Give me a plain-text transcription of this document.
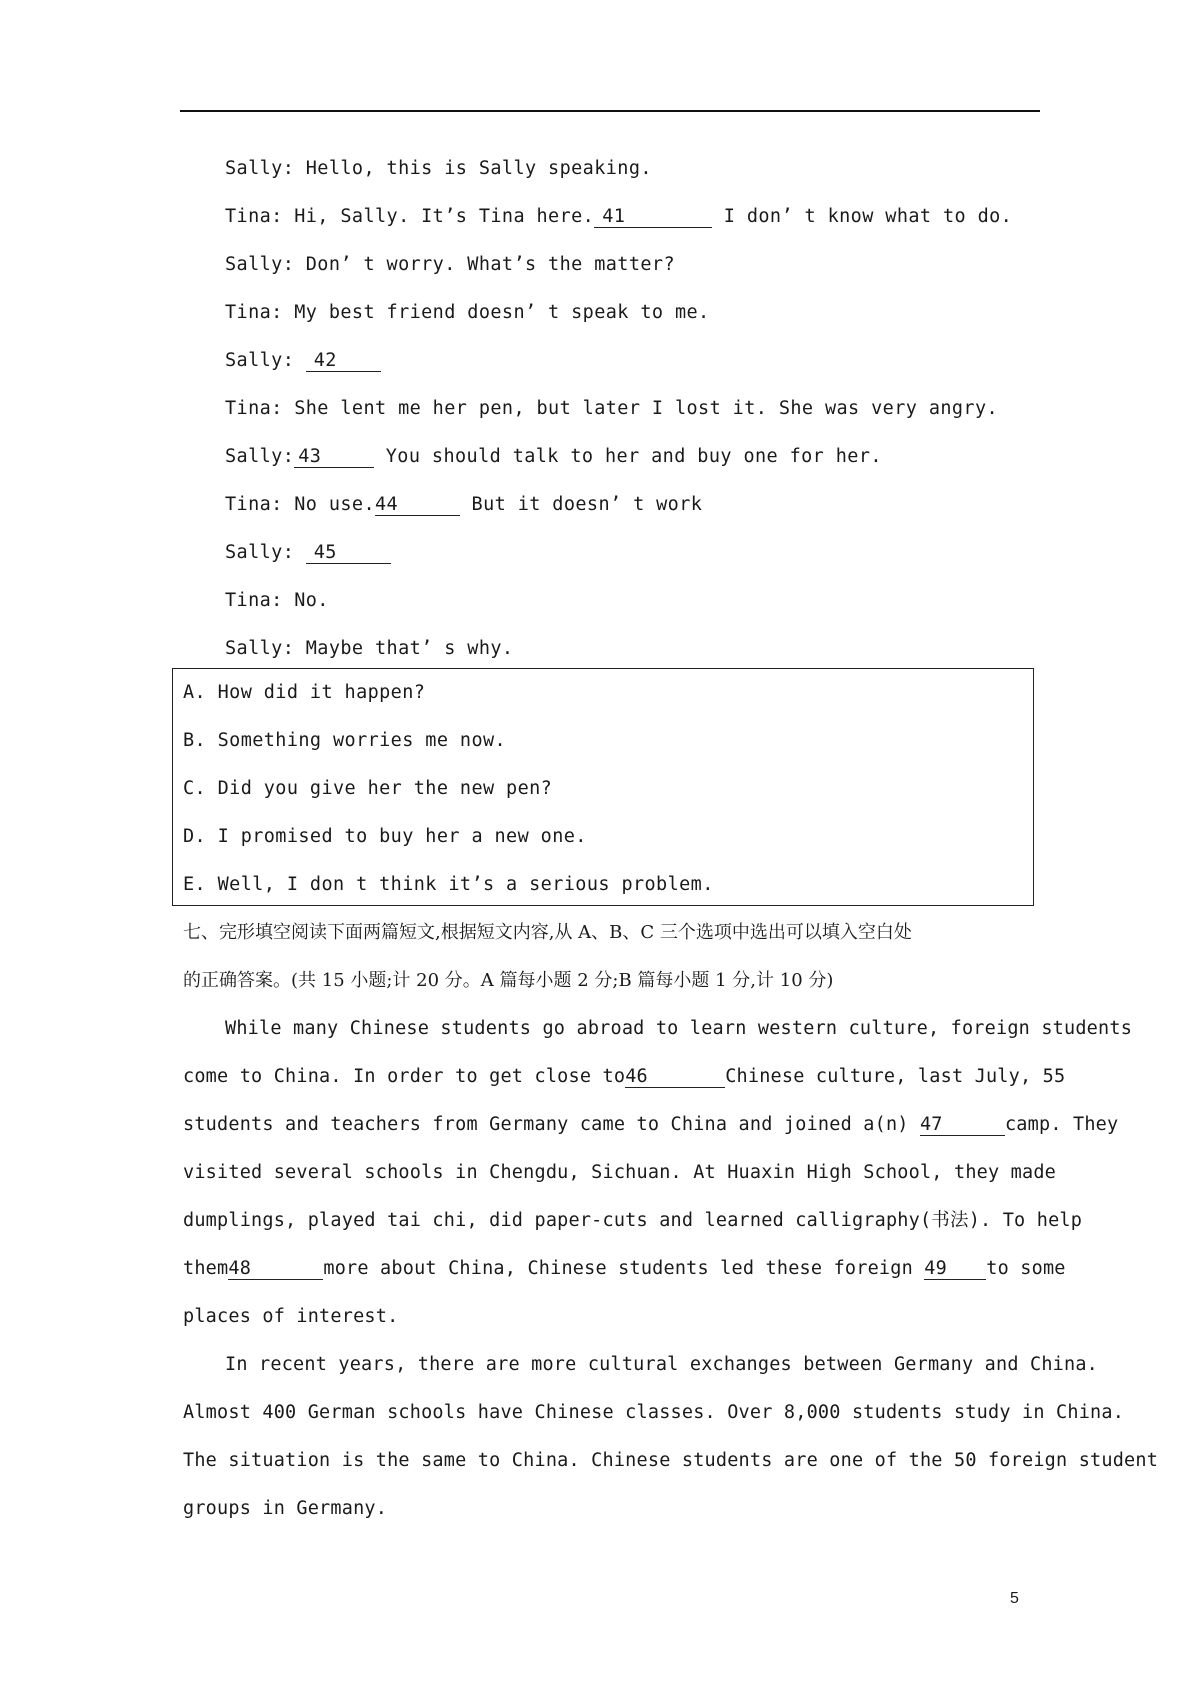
Sally: Hello, this is Sally speaking.
Tina: Hi, Sally. It’s Tina here. 41	I don’ t know what to do.
Sally: Don’ t worry. What’s the matter?
Tina: My best friend doesn’ t speak to me.
Sally: 42
Tina: She lent me her pen, but later I lost it. She was very angry.
Sally: 43	You should talk to her and buy one for her.
Tina: No use.44	But it doesn’ t work
Sally: 45
Tina: No.
Sally: Maybe that’ s why.
A. How did it happen?
B. Something worries me now.
C. Did you give her the new pen?
D. I promised to buy her a new one.
E. Well, I don t think it’s a serious problem.
七、完形填空阅读下面两篇短文,根据短文内容,从 A、B、C 三个选项中选出可以填入空白处
的正确答案。(共 15 小题;计 20 分。A 篇每小题 2 分;B 篇每小题 1 分,计 10 分)
While many Chinese students go abroad to learn western culture, foreign students
come to China. In order to get close to46	Chinese culture, last July, 55
students and teachers from Germany came to China and joined a(n) 47	camp. They
visited several schools in Chengdu, Sichuan. At Huaxin High School, they made
dumplings, played tai chi, did paper-cuts and learned calligraphy(书法). To help
them48	more about China, Chinese students led these foreign 49 to some
places of interest.
In recent years, there are more cultural exchanges between Germany and China.
Almost 400 German schools have Chinese classes. Over 8,000 students study in China.
The situation is the same to China. Chinese students are one of the 50 foreign student
groups in Germany.
5
